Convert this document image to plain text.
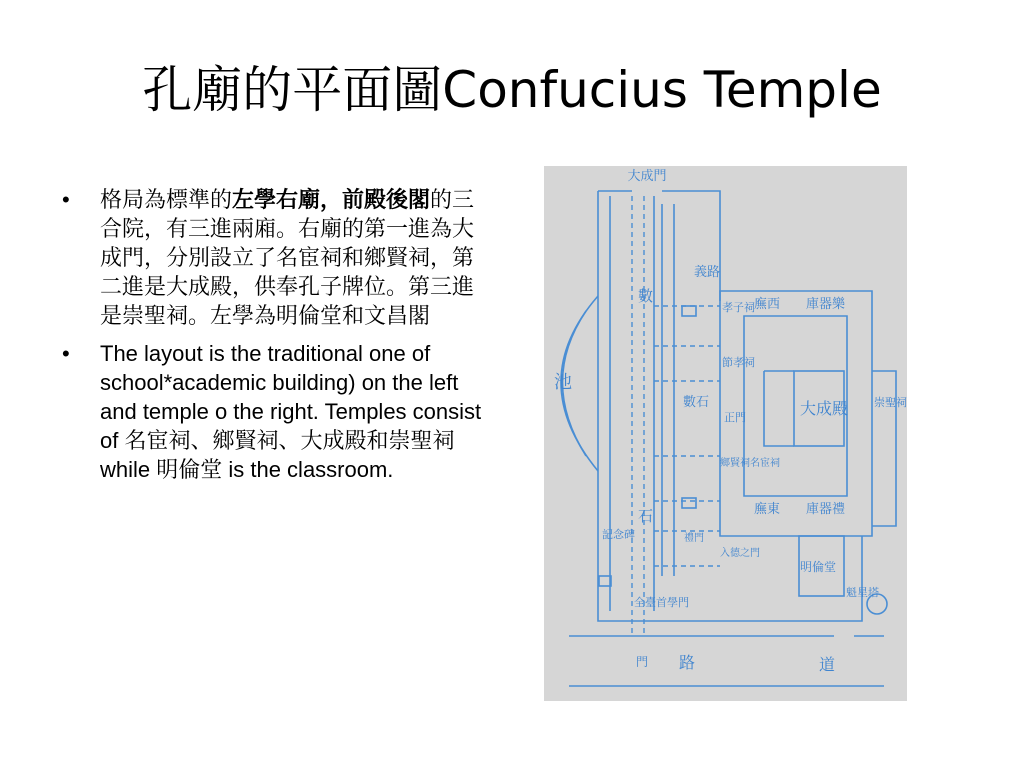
孔廟的平面圖Confucius Temple
• 格局為標準的左學右廟，前殿後閣的三合院，有三進兩廂。右廟的第一進為大成門，分別設立了名宦祠和鄉賢祠，第二進是大成殿，供奉孔子牌位。第三進是崇聖祠。左學為明倫堂和文昌閣
• The layout is the traditional one of school*academic building) on the left and temple o the right. Temples consist of 名宦祠、鄉賢祠、大成殿和崇聖祠 while 明倫堂 is the classroom.
大成門
池
義路
數
數石
石
孝子祠
節孝祠
正門
鄉賢祠名宦祠
廡西 庫器樂
廡東 庫器禮
大成殿 崇聖祠
明倫堂
禮門
入德之門
記念碑
魁星塔
全臺首學門
路	道
門
